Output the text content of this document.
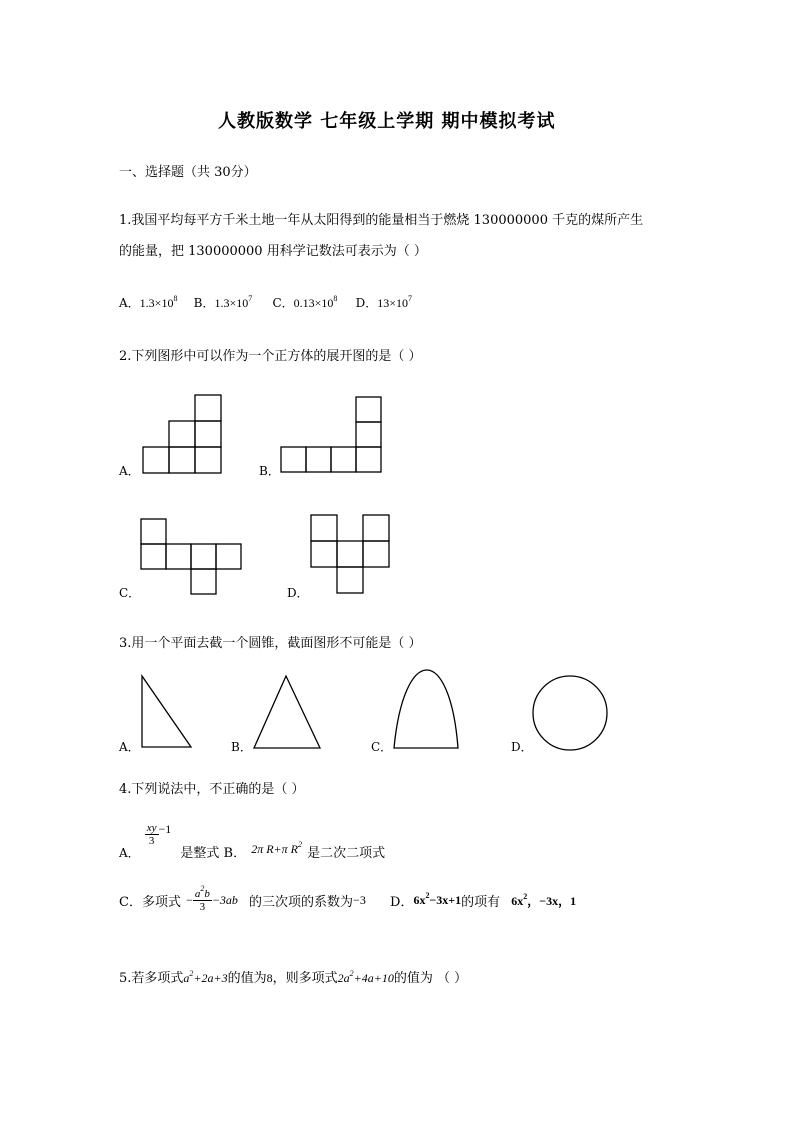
人教版数学 七年级上学期 期中模拟考试
一、选择题（共 30分）
1.我国平均每平方千米土地一年从太阳得到的能量相当于燃烧 130000000 千克的煤所产生
的能量，把 130000000 用科学记数法可表示为（ ）
A．$1.3\times 10^8$ B．$1.3\times 10^7$ C．$0.13\times 10^8$ D．$13\times 10^7$
2.下列图形中可以作为一个正方体的展开图的是（ ）
A．	B．
C．	D．
3.用一个平面去截一个圆锥，截面图形不可能是（ ）
A．	B．	C．	D．
4.下列说法中，不正确的是（ ）
$_{A.}$
$\frac{xy}{3} ^{-1}$ $_{是整式 B.}$ $_{2\pi R+\pi R^2}$ $_{是二次二项式}$
C．多项式 − $\frac{a^2b}{3} -3ab$ 的三次项的系数为−3 D．$6x^2-3x+1$的项有 $6x^2$，−3x，1
5.若多项式$a^2+2a+3$的值为8，则多项式$2a^2+4a+10$的值为 （ ）
